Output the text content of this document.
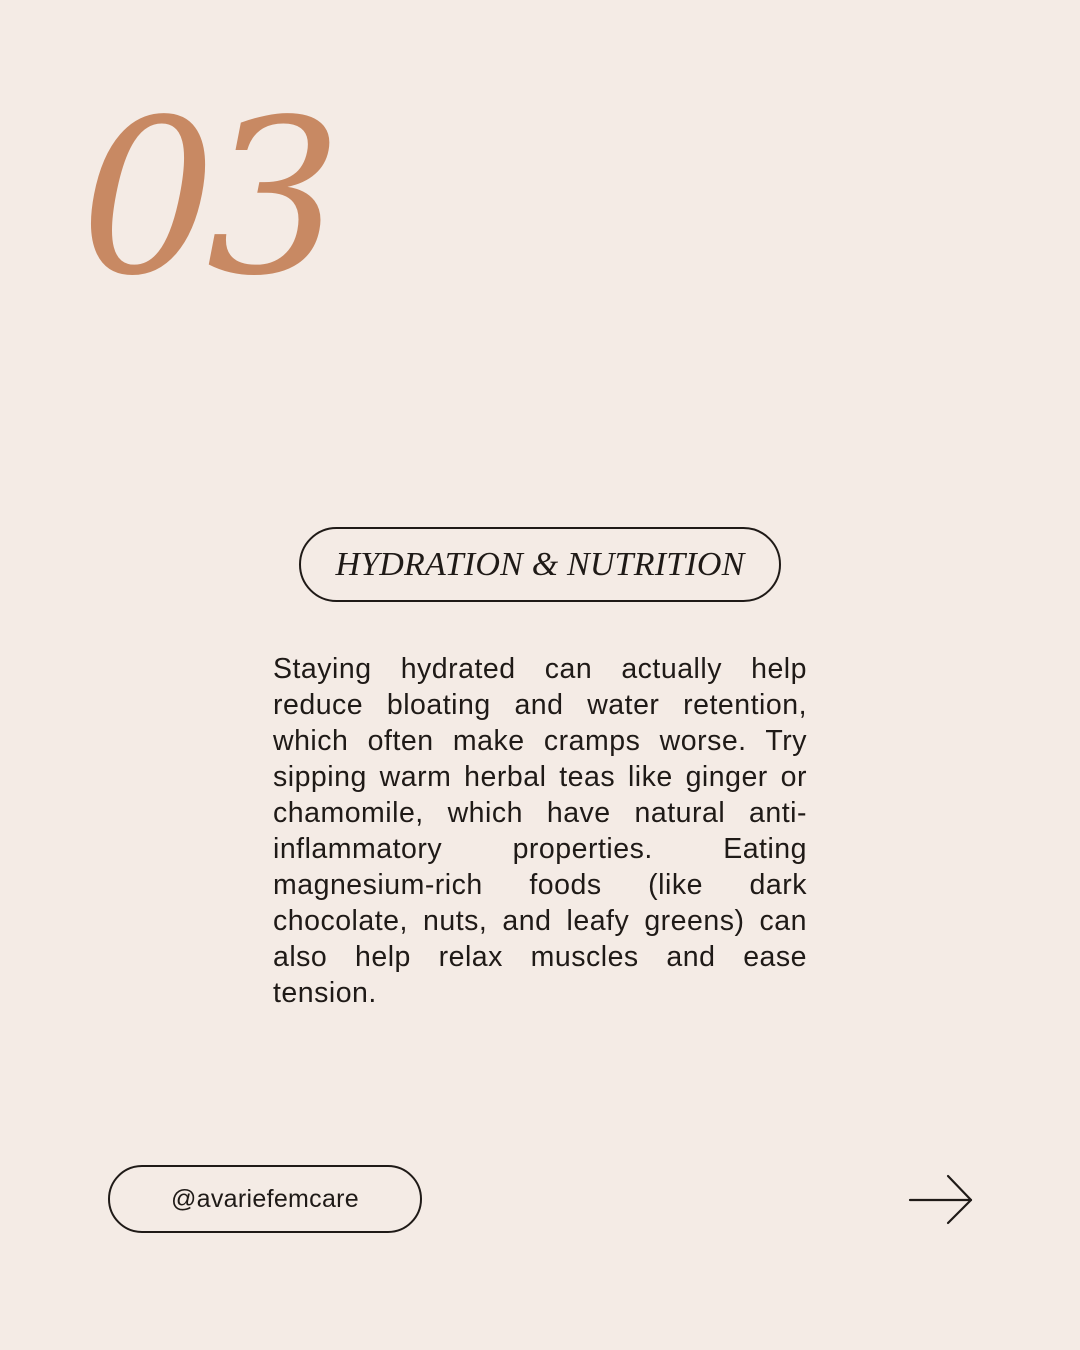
03
HYDRATION & NUTRITION

Staying hydrated can actually help reduce bloating and water retention, which often make cramps worse. Try sipping warm herbal teas like ginger or chamomile, which have natural anti-inflammatory properties. Eating magnesium-rich foods (like dark chocolate, nuts, and leafy greens) can also help relax muscles and ease tension.

@avariefemcare
